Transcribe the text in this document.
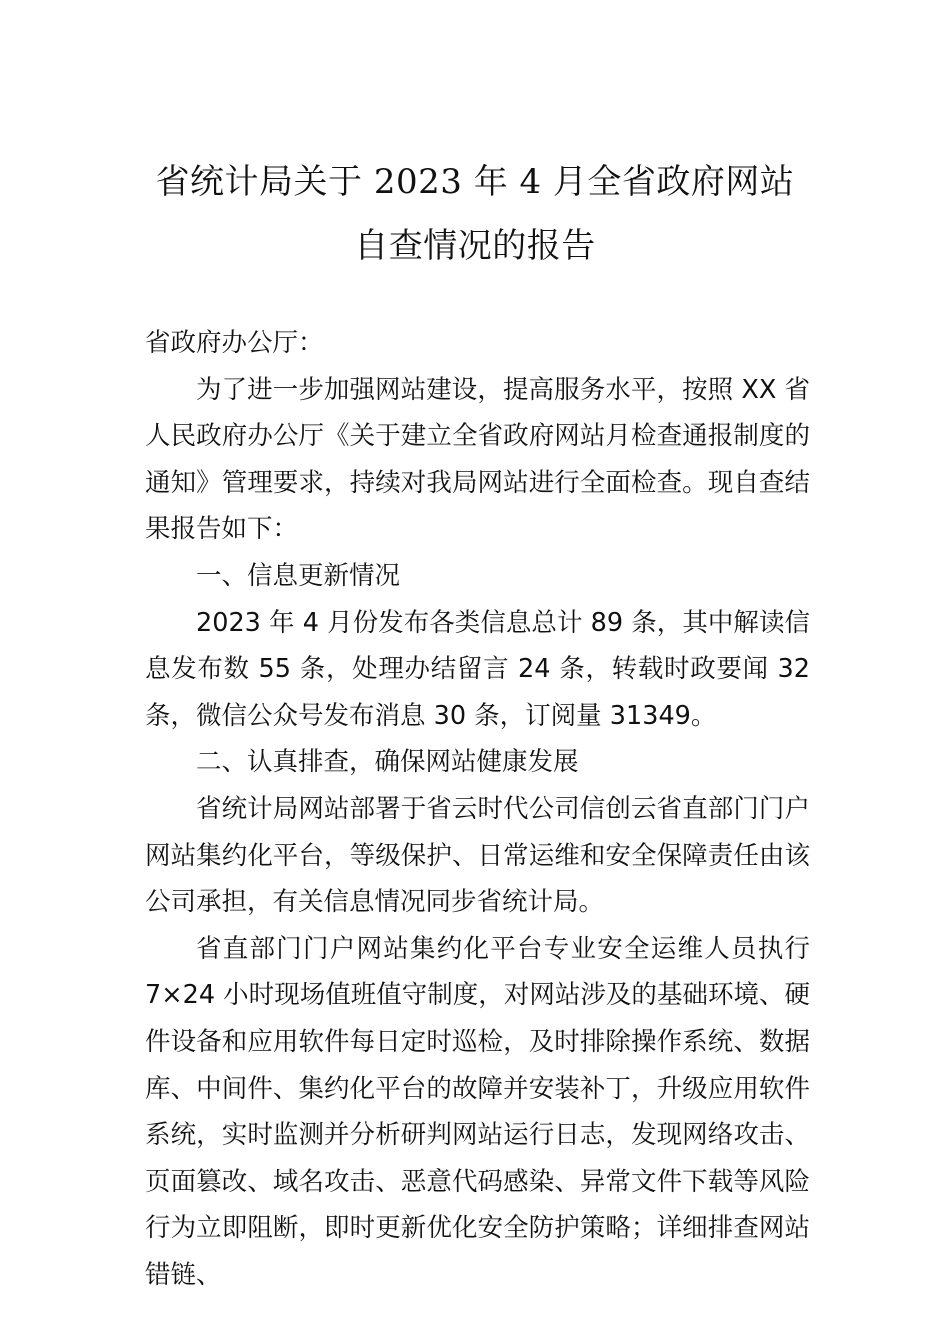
省统计局关于 2023 年 4 月全省政府网站
自查情况的报告

省政府办公厅：

为了进一步加强网站建设，提高服务水平，按照 XX 省人民政府办公厅《关于建立全省政府网站月检查通报制度的通知》管理要求，持续对我局网站进行全面检查。现自查结果报告如下：

一、信息更新情况

2023 年 4 月份发布各类信息总计 89 条，其中解读信息发布数 55 条，处理办结留言 24 条，转载时政要闻 32 条，微信公众号发布消息 30 条，订阅量 31349。

二、认真排查，确保网站健康发展

省统计局网站部署于省云时代公司信创云省直部门门户网站集约化平台，等级保护、日常运维和安全保障责任由该公司承担，有关信息情况同步省统计局。

省直部门门户网站集约化平台专业安全运维人员执行 7×24 小时现场值班值守制度，对网站涉及的基础环境、硬件设备和应用软件每日定时巡检，及时排除操作系统、数据库、中间件、集约化平台的故障并安装补丁，升级应用软件系统，实时监测并分析研判网站运行日志，发现网络攻击、页面篡改、域名攻击、恶意代码感染、异常文件下载等风险行为立即阻断，即时更新优化安全防护策略；详细排查网站错链、
